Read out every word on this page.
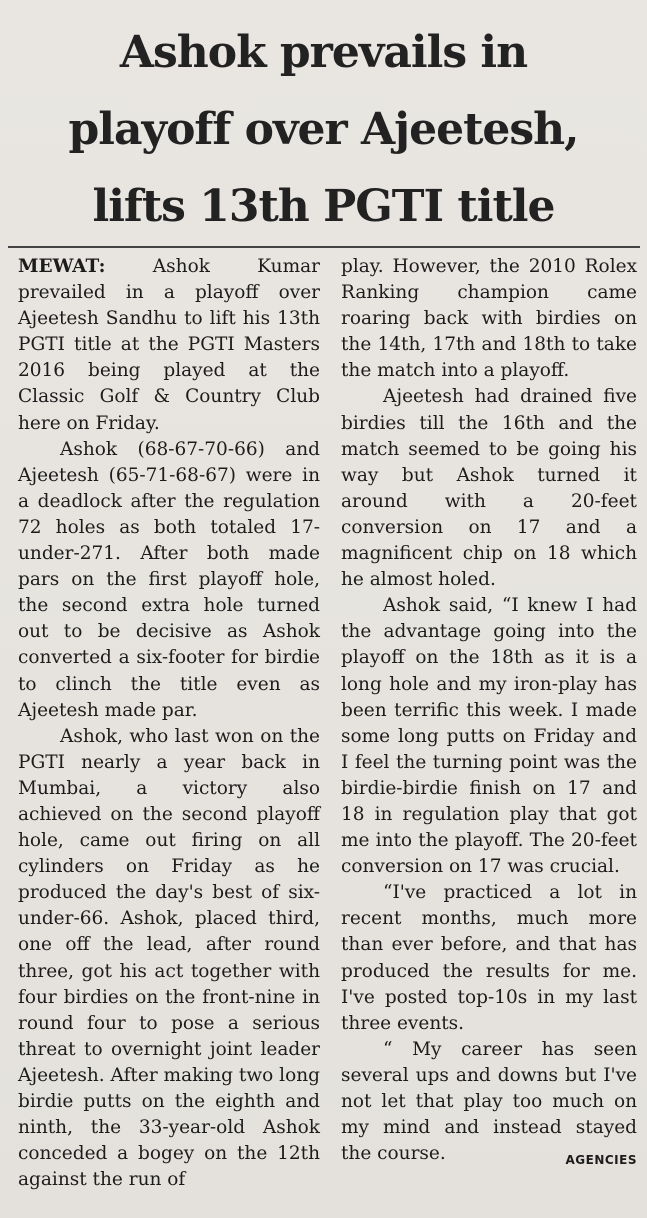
Ashok prevails in
playoff over Ajeetesh,
lifts 13th PGTI title

MEWAT:	Ashok Kumar prevailed in a playoff over Ajeetesh Sandhu to lift his 13th PGTI title at the PGTI Masters 2016 being played at the Classic Golf & Country Club here on Friday.

Ashok (68-67-70-66) and Ajeetesh (65-71-68-67) were in a deadlock after the regulation 72 holes as both totaled 17-under-271. After both made pars on the first playoff hole, the second extra hole turned out to be decisive as Ashok converted a six-footer for birdie to clinch the title even as Ajeetesh made par.

Ashok, who last won on the PGTI nearly a year back in Mumbai, a victory also achieved on the second playoff hole, came out firing on all cylinders on Friday as he produced the day's best of six-under-66. Ashok, placed third, one off the lead, after round three, got his act together with four birdies on the front-nine in round four to pose a serious threat to overnight joint leader Ajeetesh. After making two long birdie putts on the eighth and ninth, the 33-year-old Ashok conceded a bogey on the 12th against the run of

play. However, the 2010 Rolex Ranking champion came roaring back with birdies on the 14th, 17th and 18th to take the match into a playoff.

Ajeetesh had drained five birdies till the 16th and the match seemed to be going his way but Ashok turned it around with a 20-feet conversion on 17 and a magnificent chip on 18 which he almost holed.

Ashok said, “I knew I had the advantage going into the playoff on the 18th as it is a long hole and my iron-play has been terrific this week. I made some long putts on Friday and I feel the turning point was the birdie-birdie finish on 17 and 18 in regulation play that got me into the playoff. The 20-feet conversion on 17 was crucial.

“I've practiced a lot in recent months, much more than ever before, and that has produced the results for me. I've posted top-10s in my last three events.

“ My career has seen several ups and downs but I've not let that play too much on my mind and instead stayed the course.	AGENCIES
